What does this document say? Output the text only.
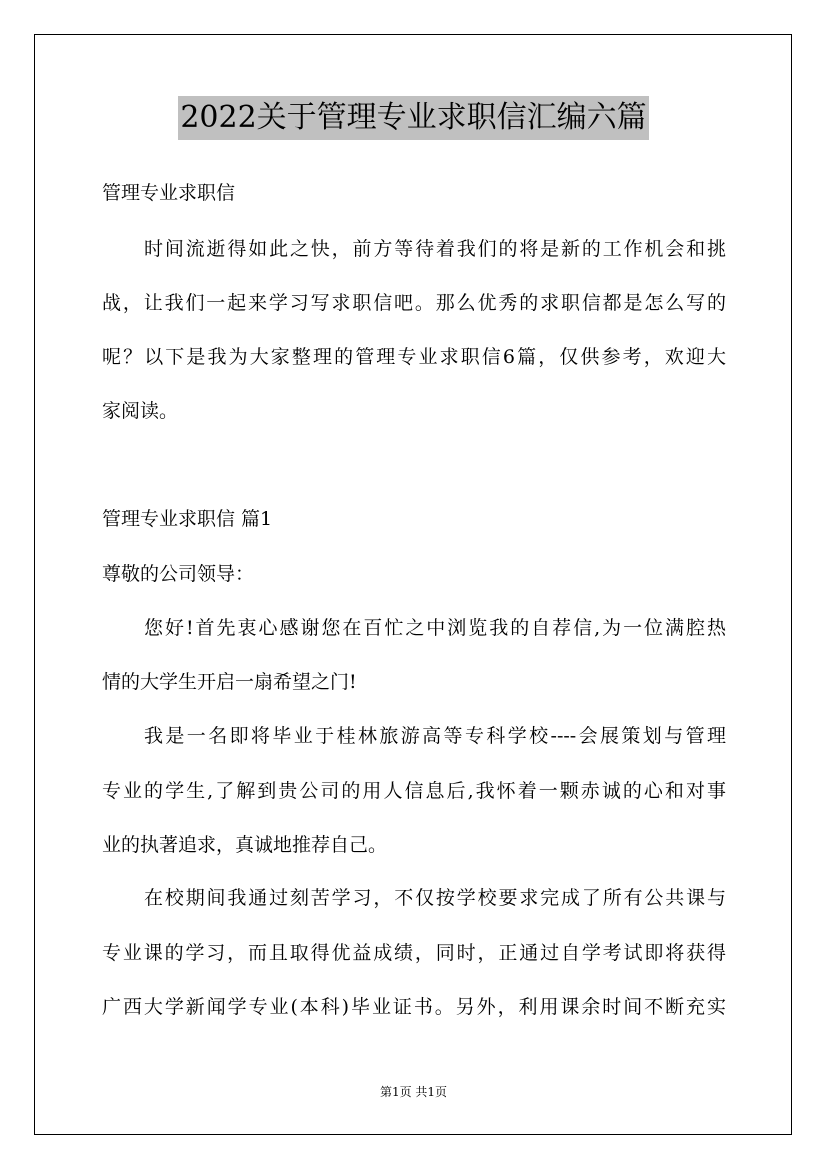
2022关于管理专业求职信汇编六篇
管理专业求职信
时间流逝得如此之快，前方等待着我们的将是新的工作机会和挑
战，让我们一起来学习写求职信吧。那么优秀的求职信都是怎么写的
呢？以下是我为大家整理的管理专业求职信6篇，仅供参考，欢迎大
家阅读。
管理专业求职信 篇1
尊敬的公司领导：
您好!首先衷心感谢您在百忙之中浏览我的自荐信,为一位满腔热
情的大学生开启一扇希望之门!
我是一名即将毕业于桂林旅游高等专科学校----会展策划与管理
专业的学生,了解到贵公司的用人信息后,我怀着一颗赤诚的心和对事
业的执著追求，真诚地推荐自己。
在校期间我通过刻苦学习，不仅按学校要求完成了所有公共课与
专业课的学习，而且取得优益成绩，同时，正通过自学考试即将获得
广西大学新闻学专业(本科)毕业证书。另外，利用课余时间不断充实
第1页 共1页
